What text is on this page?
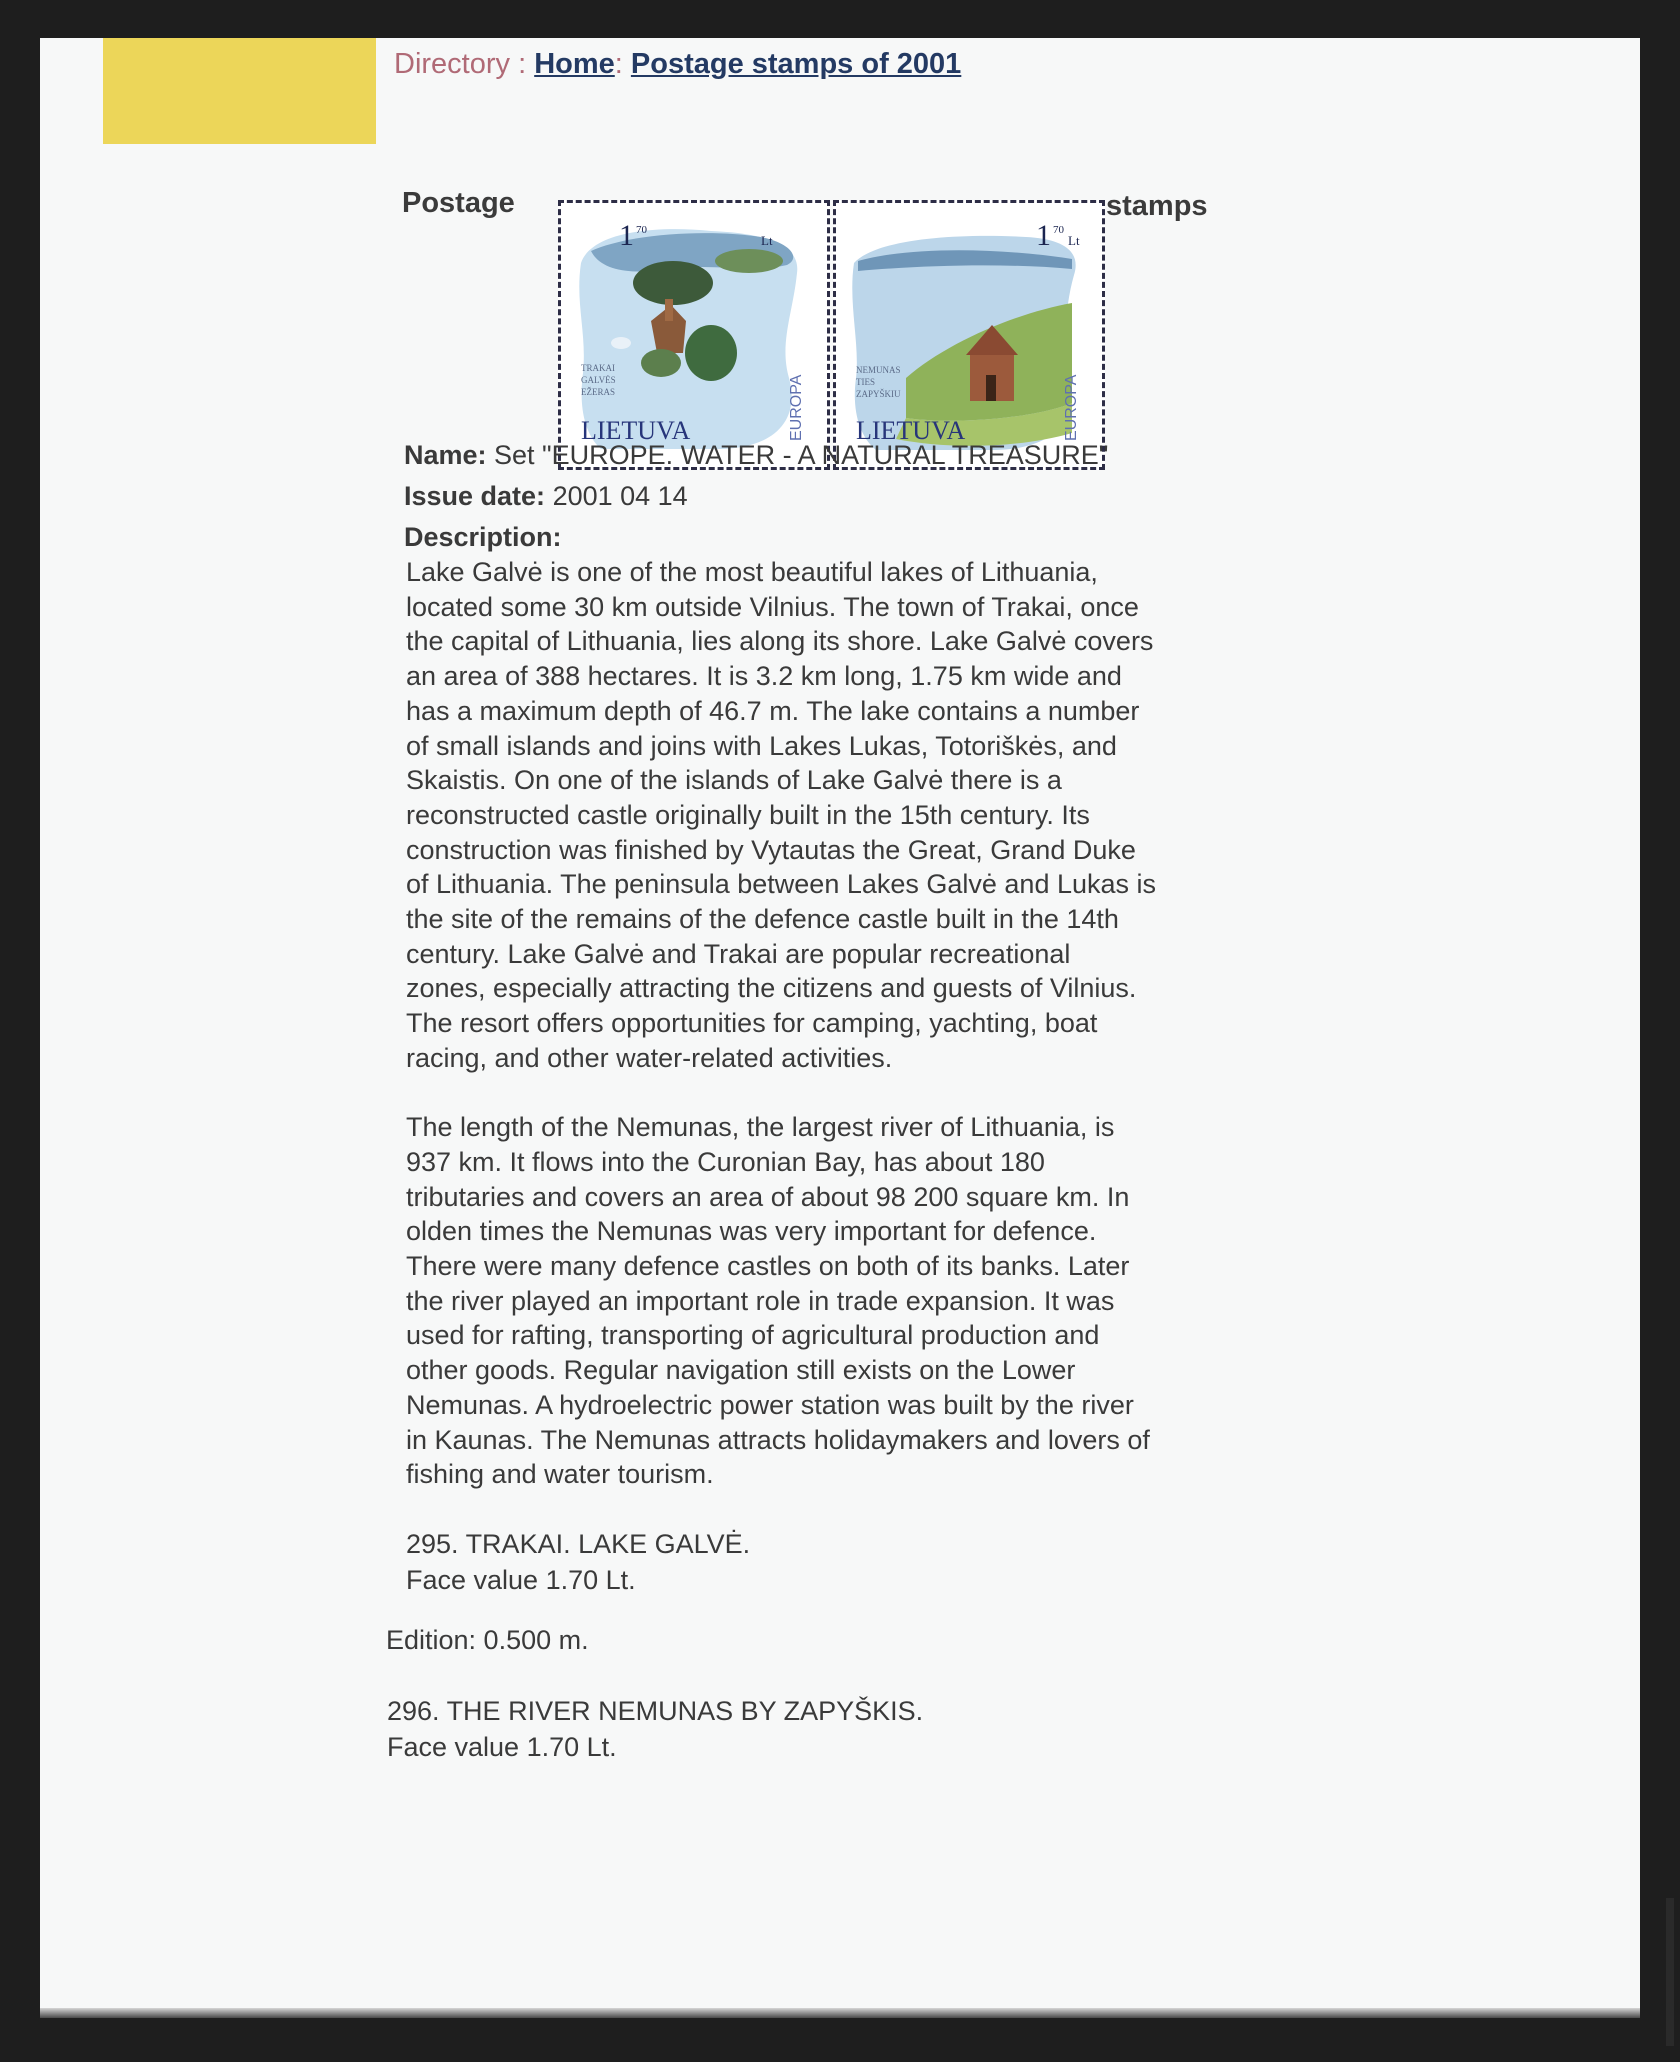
Directory : Home: Postage stamps of 2001
Postage	stamps
1 70
Lt
TRAKAI
GALVĖS
EŽERAS
LIETUVA	EUROPA
1 70
Lt
NEMUNAS
TIES
ZAPYŠKIU
LIETUVA	EUROPA
Name: Set "EUROPE. WATER - A NATURAL TREASURE"
Issue date: 2001 04 14
Description:

Lake Galvė is one of the most beautiful lakes of Lithuania,

located some 30 km outside Vilnius. The town of Trakai, once

the capital of Lithuania, lies along its shore. Lake Galvė covers

an area of 388 hectares. It is 3.2 km long, 1.75 km wide and

has a maximum depth of 46.7 m. The lake contains a number

of small islands and joins with Lakes Lukas, Totoriškės, and

Skaistis. On one of the islands of Lake Galvė there is a

reconstructed castle originally built in the 15th century. Its

construction was finished by Vytautas the Great, Grand Duke

of Lithuania. The peninsula between Lakes Galvė and Lukas is

the site of the remains of the defence castle built in the 14th

century. Lake Galvė and Trakai are popular recreational

zones, especially attracting the citizens and guests of Vilnius.

The resort offers opportunities for camping, yachting, boat

racing, and other water-related activities.

The length of the Nemunas, the largest river of Lithuania, is

937 km. It flows into the Curonian Bay, has about 180

tributaries and covers an area of about 98 200 square km. In

olden times the Nemunas was very important for defence.

There were many defence castles on both of its banks. Later

the river played an important role in trade expansion. It was

used for rafting, transporting of agricultural production and

other goods. Regular navigation still exists on the Lower

Nemunas. A hydroelectric power station was built by the river

in Kaunas. The Nemunas attracts holidaymakers and lovers of

fishing and water tourism.

295. TRAKAI. LAKE GALVĖ.
Face value 1.70 Lt.
Edition: 0.500 m.
296. THE RIVER NEMUNAS BY ZAPYŠKIS.
Face value 1.70 Lt.
